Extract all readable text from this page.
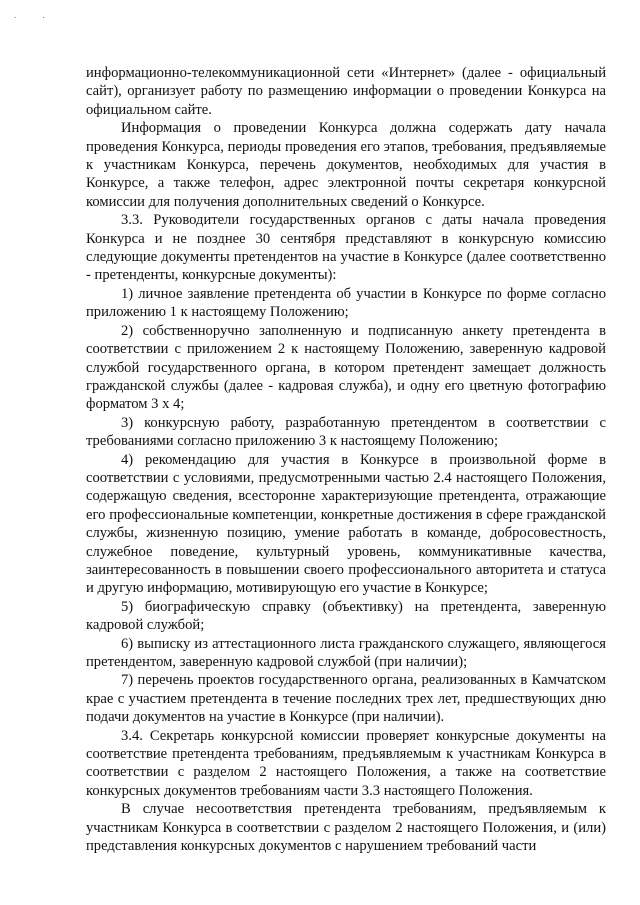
. .

информационно-телекоммуникационной сети «Интернет» (далее - официальный сайт), организует работу по размещению информации о проведении Конкурса на официальном сайте.

Информация о проведении Конкурса должна содержать дату начала проведения Конкурса, периоды проведения его этапов, требования, предъявляемые к участникам Конкурса, перечень документов, необходимых для участия в Конкурсе, а также телефон, адрес электронной почты секретаря конкурсной комиссии для получения дополнительных сведений о Конкурсе.

3.3. Руководители государственных органов с даты начала проведения Конкурса и не позднее 30 сентября представляют в конкурсную комиссию следующие документы претендентов на участие в Конкурсе (далее соответственно - претенденты, конкурсные документы):

1) личное заявление претендента об участии в Конкурсе по форме согласно приложению 1 к настоящему Положению;

2) собственноручно заполненную и подписанную анкету претендента в соответствии с приложением 2 к настоящему Положению, заверенную кадровой службой государственного органа, в котором претендент замещает должность гражданской службы (далее - кадровая служба), и одну его цветную фотографию форматом 3 х 4;

3) конкурсную работу, разработанную претендентом в соответствии с требованиями согласно приложению 3 к настоящему Положению;

4) рекомендацию для участия в Конкурсе в произвольной форме в соответствии с условиями, предусмотренными частью 2.4 настоящего Положения, содержащую сведения, всесторонне характеризующие претендента, отражающие его профессиональные компетенции, конкретные достижения в сфере гражданской службы, жизненную позицию, умение работать в команде, добросовестность, служебное поведение, культурный уровень, коммуникативные качества, заинтересованность в повышении своего профессионального авторитета и статуса и другую информацию, мотивирующую его участие в Конкурсе;

5) биографическую справку (объективку) на претендента, заверенную кадровой службой;

6) выписку из аттестационного листа гражданского служащего, являющегося претендентом, заверенную кадровой службой (при наличии);

7) перечень проектов государственного органа, реализованных в Камчатском крае с участием претендента в течение последних трех лет, предшествующих дню подачи документов на участие в Конкурсе (при наличии).

3.4. Секретарь конкурсной комиссии проверяет конкурсные документы на соответствие претендента требованиям, предъявляемым к участникам Конкурса в соответствии с разделом 2 настоящего Положения, а также на соответствие конкурсных документов требованиям части 3.3 настоящего Положения.

В случае несоответствия претендента требованиям, предъявляемым к участникам Конкурса в соответствии с разделом 2 настоящего Положения, и (или) представления конкурсных документов с нарушением требований части
